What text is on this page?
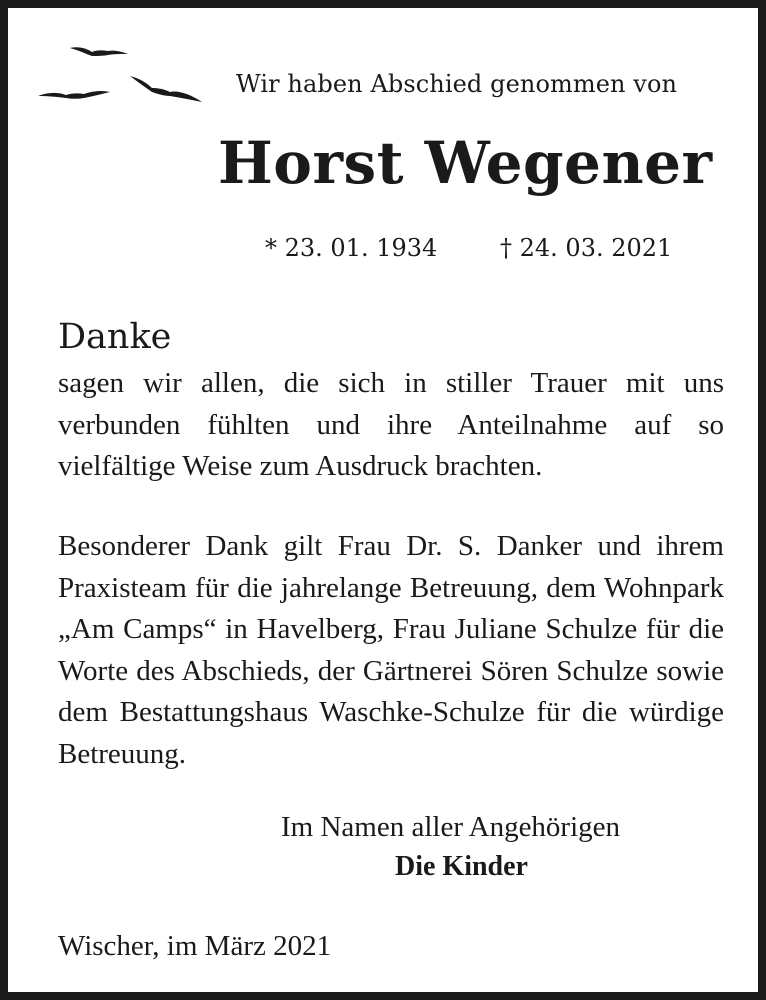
Wir haben Abschied genommen von
Horst Wegener
* 23. 01. 1934	† 24. 03. 2021
Danke
sagen wir allen, die sich in stiller Trauer mit uns verbunden fühlten und ihre Anteilnahme auf so vielfältige Weise zum Ausdruck brachten.
Besonderer Dank gilt Frau Dr. S. Danker und ihrem Praxisteam für die jahrelange Betreuung, dem Wohnpark „Am Camps“ in Havelberg, Frau Juliane Schulze für die Worte des Abschieds, der Gärtnerei Sören Schulze sowie dem Bestattungshaus Waschke-Schulze für die würdige Betreuung.
Im Namen aller Angehörigen
Die Kinder
Wischer, im März 2021
